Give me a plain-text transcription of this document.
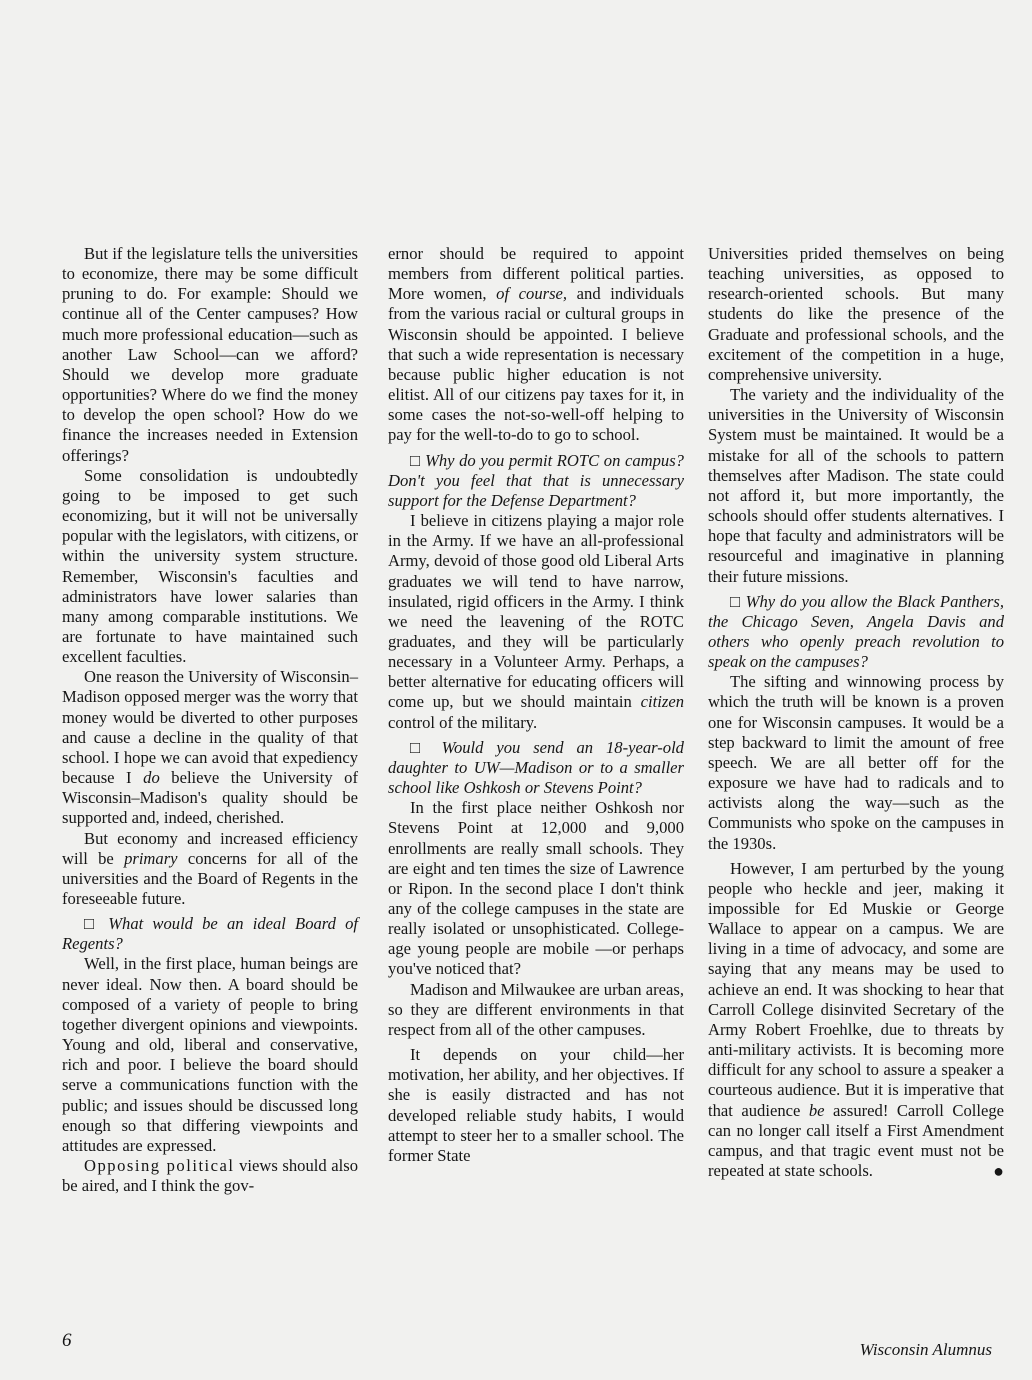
But if the legislature tells the universities to economize, there may be some difficult pruning to do. For example: Should we continue all of the Center campuses? How much more professional education—such as another Law School—can we afford? Should we develop more graduate opportunities? Where do we find the money to develop the open school? How do we finance the increases needed in Extension offerings?

Some consolidation is undoubtedly going to be imposed to get such economizing, but it will not be universally popular with the legislators, with citizens, or within the university system structure. Remember, Wisconsin's faculties and administrators have lower salaries than many among comparable institutions. We are fortunate to have maintained such excellent faculties.

One reason the University of Wisconsin–Madison opposed merger was the worry that money would be diverted to other purposes and cause a decline in the quality of that school. I hope we can avoid that expediency because I do believe the University of Wisconsin–Madison's quality should be supported and, indeed, cherished.

But economy and increased efficiency will be primary concerns for all of the universities and the Board of Regents in the foreseeable future.

□ What would be an ideal Board of Regents?

Well, in the first place, human beings are never ideal. Now then. A board should be composed of a variety of people to bring together divergent opinions and viewpoints. Young and old, liberal and conservative, rich and poor. I believe the board should serve a communications function with the public; and issues should be discussed long enough so that differing viewpoints and attitudes are expressed.

Opposing political views should also be aired, and I think the gov-

ernor should be required to appoint members from different political parties. More women, of course, and individuals from the various racial or cultural groups in Wisconsin should be appointed. I believe that such a wide representation is necessary because public higher education is not elitist. All of our citizens pay taxes for it, in some cases the not-so-well-off helping to pay for the well-to-do to go to school.

□ Why do you permit ROTC on campus? Don't you feel that that is unnecessary support for the Defense Department?

I believe in citizens playing a major role in the Army. If we have an all-professional Army, devoid of those good old Liberal Arts graduates we will tend to have narrow, insulated, rigid officers in the Army. I think we need the leavening of the ROTC graduates, and they will be particularly necessary in a Volunteer Army. Perhaps, a better alternative for educating officers will come up, but we should maintain citizen control of the military.

□ Would you send an 18-year-old daughter to UW—Madison or to a smaller school like Oshkosh or Stevens Point?

In the first place neither Oshkosh nor Stevens Point at 12,000 and 9,000 enrollments are really small schools. They are eight and ten times the size of Lawrence or Ripon. In the second place I don't think any of the college campuses in the state are really isolated or unsophisticated. College-age young people are mobile —or perhaps you've noticed that?

Madison and Milwaukee are urban areas, so they are different environments in that respect from all of the other campuses.

It depends on your child—her motivation, her ability, and her objectives. If she is easily distracted and has not developed reliable study habits, I would attempt to steer her to a smaller school. The former State

Universities prided themselves on being teaching universities, as opposed to research-oriented schools. But many students do like the presence of the Graduate and professional schools, and the excitement of the competition in a huge, comprehensive university.

The variety and the individuality of the universities in the University of Wisconsin System must be maintained. It would be a mistake for all of the schools to pattern themselves after Madison. The state could not afford it, but more importantly, the schools should offer students alternatives. I hope that faculty and administrators will be resourceful and imaginative in planning their future missions.

□ Why do you allow the Black Panthers, the Chicago Seven, Angela Davis and others who openly preach revolution to speak on the campuses?

The sifting and winnowing process by which the truth will be known is a proven one for Wisconsin campuses. It would be a step backward to limit the amount of free speech. We are all better off for the exposure we have had to radicals and to activists along the way—such as the Communists who spoke on the campuses in the 1930s.

However, I am perturbed by the young people who heckle and jeer, making it impossible for Ed Muskie or George Wallace to appear on a campus. We are living in a time of advocacy, and some are saying that any means may be used to achieve an end. It was shocking to hear that Carroll College disinvited Secretary of the Army Robert Froehlke, due to threats by anti-military activists. It is becoming more difficult for any school to assure a speaker a courteous audience. But it is imperative that that audience be assured! Carroll College can no longer call itself a First Amendment campus, and that tragic event must not be repeated at state schools.	●

6	Wisconsin Alumnus
